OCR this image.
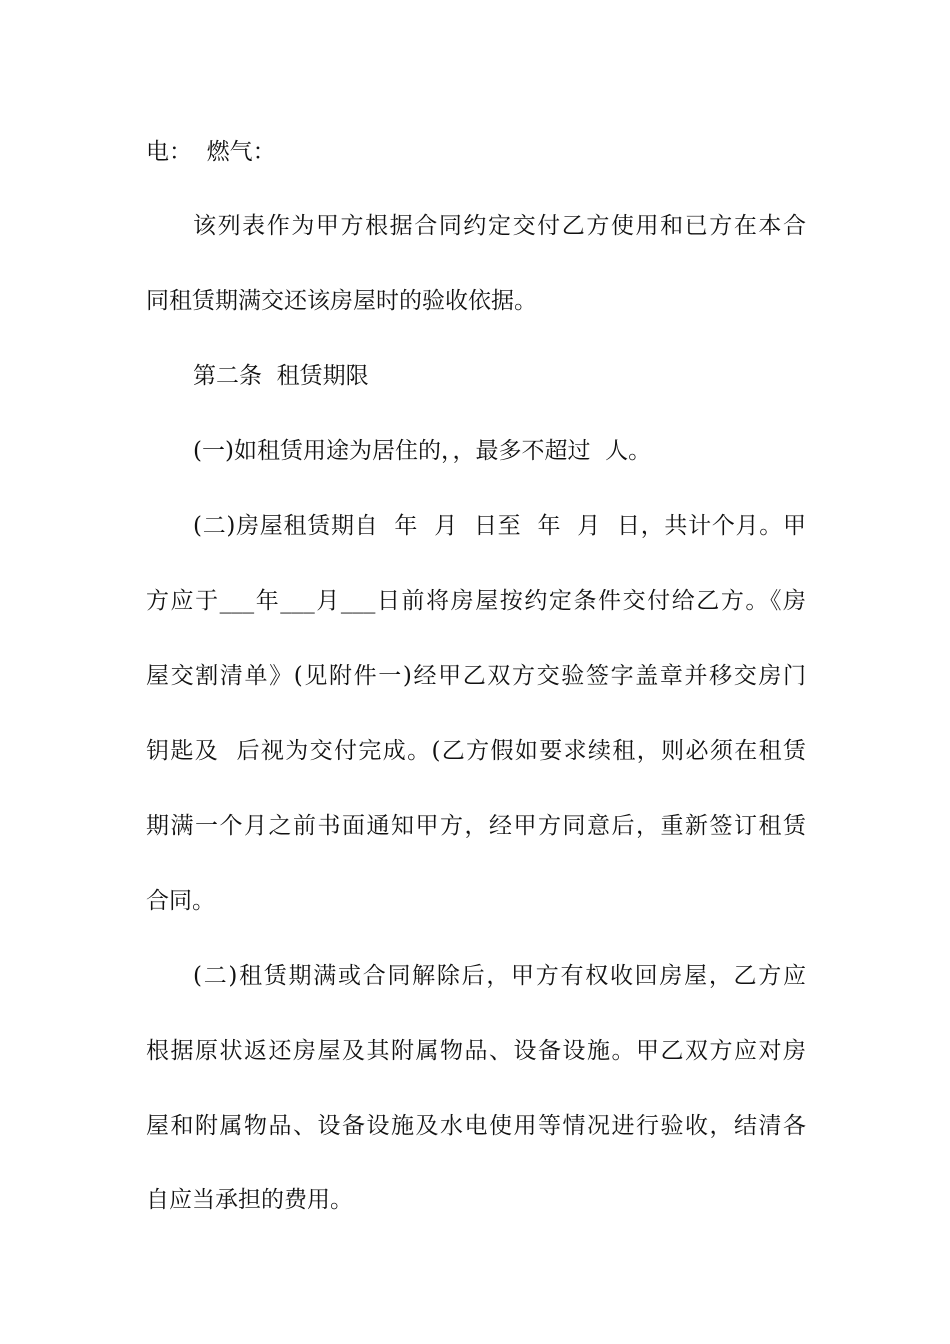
电：  燃气：
该列表作为甲方根据合同约定交付乙方使用和已方在本合
同租赁期满交还该房屋时的验收依据。
第二条  租赁期限
(一)如租赁用途为居住的，，最多不超过  人。
(二)房屋租赁期自  年  月  日至  年  月  日，共计个月。甲
方应于___年___月___日前将房屋按约定条件交付给乙方。《房
屋交割清单》(见附件一)经甲乙双方交验签字盖章并移交房门
钥匙及  后视为交付完成。(乙方假如要求续租，则必须在租赁
期满一个月之前书面通知甲方，经甲方同意后，重新签订租赁
合同。
(二)租赁期满或合同解除后，甲方有权收回房屋，乙方应
根据原状返还房屋及其附属物品、设备设施。甲乙双方应对房
屋和附属物品、设备设施及水电使用等情况进行验收，结清各
自应当承担的费用。
